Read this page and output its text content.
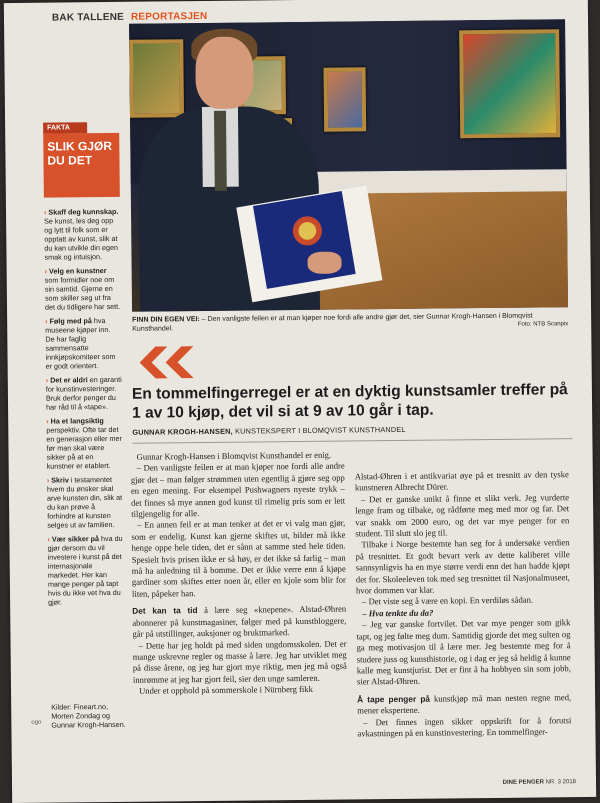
BAK TALLENE REPORTASJEN
FINN DIN EGEN VEI: – Den vanligste feilen er at man kjøper noe fordi alle andre gjør det, sier Gunnar Krogh-Hansen i Blomqvist Kunsthandel.
Foto: NTB Scanpix
FAKTA
SLIK GJØR DU DET
› Skaff deg kunnskap. Se kunst, les deg opp og lytt til folk som er opptatt av kunst, slik at du kan utvikle din egen smak og intuisjon.
› Velg en kunstner som formidler noe om sin samtid. Gjerne en som skiller seg ut fra det du tidligere har sett.
› Følg med på hva museene kjøper inn. De har faglig sammensatte innkjøpskomiteer som er godt orientert.
› Det er aldri en garanti for kunstinvesteringer. Bruk derfor penger du har råd til å «tape».
› Ha et langsiktig perspektiv. Ofte tar det en generasjon eller mer før man skal være sikker på at en kunstner er etablert.
› Skriv i testamentet hvem du ønsker skal arve kunsten din, slik at du kan prøve å forhindre at kunsten selges ut av familien.
› Vær sikker på hva du gjør dersom du vil investere i kunst på det internasjonale markedet. Her kan mange penger på tapt hvis du ikke vet hva du gjør.
Kilder: Fineart.no, Morten Zondag og Gunnar Krogh-Hansen.
ogo
En tommelfingerregel er at en dyktig kunstsamler treffer på 1 av 10 kjøp, det vil si at 9 av 10 går i tap.
GUNNAR KROGH-HANSEN, KUNSTEKSPERT I BLOMQVIST KUNSTHANDEL

Gunnar Krogh-Hansen i Blomqvist Kunsthandel er enig.

– Den vanligste feilen er at man kjøper noe fordi alle andre gjør det – man følger strømmen uten egentlig å gjøre seg opp en egen mening. For eksempel Pushwagners nyeste trykk – det finnes så mye annen god kunst til rimelig pris som er lett tilgjengelig for alle.

– En annen feil er at man tenker at det er vi valg man gjør, som er endelig. Kunst kan gjerne skiftes ut, bilder må ikke henge oppe hele tiden, det er sånn at samme sted hele tiden. Spesielt hvis prisen ikke er så høy, er det ikke så farlig – man må ha anledning til å bomme. Det er ikke verre enn å kjøpe gardiner som skiftes etter noen år, eller en kjole som blir for liten, påpeker han.

Det kan ta tid å lære seg «knepene». Alstad-Øhren abonnerer på kunstmagasiner, følger med på kunstbloggere, går på utstillinger, auksjoner og bruktmarked.

– Dette har jeg holdt på med siden ungdomsskolen. Det er mange uskrevne regler og masse å lære. Jeg har utviklet meg på disse årene, og jeg har gjort mye riktig, men jeg må også innrømme at jeg har gjort feil, sier den unge samleren.

Under et opphold på sommerskole i Nürnberg fikk

Alstad-Øhren i et antikvariat øye på et tresnitt av den tyske kunstneren Albrecht Dürer.

– Det er ganske unikt å finne et slikt verk. Jeg vurderte lenge fram og tilbake, og rådførte meg med mor og far. Det var snakk om 2000 euro, og det var mye penger for en student. Til slutt slo jeg til.

Tilbake i Norge bestemte han seg for å undersøke verdien på tresnittet. Et godt bevart verk av dette kaliberet ville sannsynligvis ha en mye større verdi enn det han hadde kjøpt det for. Skoleeleven tok med seg tresnittet til Nasjonalmuseet, hvor dommen var klar.

– Det viste seg å være en kopi. En verdiløs sådan.

– Hva tenkte du da?

– Jeg var ganske fortvilet. Det var mye penger som gikk tapt, og jeg følte meg dum. Samtidig gjorde det meg sulten og ga meg motivasjon til å lære mer. Jeg bestemte meg for å studere juss og kunsthistorie, og i dag er jeg så heldig å kunne kalle meg kunstjurist. Det er fint å ha hobbyen sin som jobb, sier Alstad-Øhren.

Å tape penger på kunstkjøp må man nesten regne med, mener ekspertene.

– Det finnes ingen sikker oppskrift for å forutsi avkastningen på en kunstinvestering. En tommelfinger-

DINE PENGER NR. 3 2018
